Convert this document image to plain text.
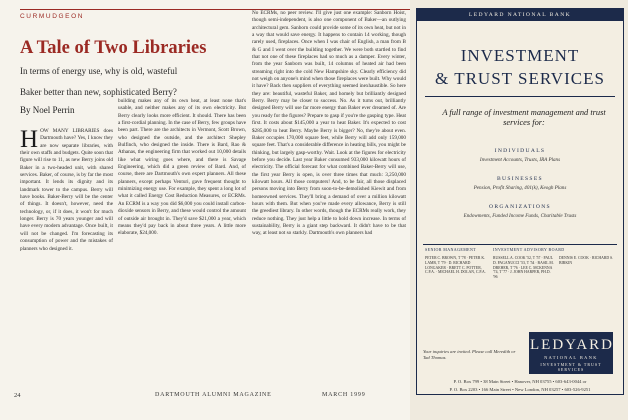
CURMUDGEON
A Tale of Two Libraries
In terms of energy use, why is old, wasteful Baker better than new, sophisticated Berry?
By Noel Perrin
H OW MANY LIBRARIES does Dartmouth have? Yes, I know they are now separate libraries, with their own staffs and budgets. Quite soon that figure will rise to 11, as new Berry joins old Baker in a two-headed unit, with shared services. Baker, of course, is by far the most important. It lends its dignity and its landmark tower to the campus. Berry will have books. Baker-Berry will be the center of things. It doesn't, however, need the technology, or, if it does, it won't for much longer. Berry is 70 years younger and will have every modern advantage. Once built, it will not be changed. I'm forecasting its consumption of power and the mistakes of planners who designed it.
building makes any of its own heat, at least none that's usable, and neither makes any of its own electricity. But Berry clearly looks more efficient. It should. There has been a first-cordial planning. In the case of Berry, few groups have been part. There are the architects in Vermont, Scott Brown, who designed the outside, and the architect Shepley Bulfinch, who designed the inside. There is Bard, Rao & Athanas, the engineering firm that worked out 10,000 details like what wiring goes where, and there is Savage Engineering, which did a green review of Bard. And, of course, there are Dartmouth's own expert planners. All these planners, except perhaps Venturi, gave frequent thought to minimizing energy use. For example, they spent a long lot of what it called Energy Cost Reduction Measures, or ECRMs. An ECRM is a way you did $6,000 you could install carbon-dioxide sensors in Berry, and these would control the amount of outside air brought in. They'd save $21,000 a year, which means they'd pay back in about three years. A little more elaborate, $24,000.
No ECRMs, no peer review. I'll give just one example: Sanborn Hoist, though semi-independent, is also one component of Baker—an outlying architectural gem. Sanborn could provide some of its own heat, but not in a way that would save energy. It happens to contain 14 working, though rarely used, fireplaces. Once when I was chair of English, a man from B & G and I went over the building together. We were both startled to find that not one of these fireplaces had so much as a damper. Every winter, from the year Sanborn was built, 14 columns of heated air had been streaming right into the cold New Hampshire sky. Clearly efficiency did not weigh on anyone's mind when those fireplaces were built. Why would it have? Back then suppliers of everything seemed inexhaustible. So here they are: beautiful, wasteful Baker, and homely but brilliantly designed Berry. Berry may be closer to success. No. As it turns out, brilliantly designed Berry will use far more energy than Baker ever dreamed of. Are you ready for the figures? Prepare to gasp if you're the gasping type. Heat first. It costs about $145,000 a year to heat Baker. It's expected to cost $285,000 to heat Berry. Maybe Berry is bigger? No, they're about even. Baker occupies 170,000 square feet, while Berry will add only 159,000 square feet. That's a considerable difference in heating bills, you might be thinking, but largely gasp-worthy. Wait. Look at the figures for electricity before you decide. Last year Baker consumed 933,000 kilowatt hours of electricity. The official forecast for what combined Baker-Berry will use, the first year Berry is open, is over three times that much: 3,250,000 kilowatt hours. All those computers! And, to be fair, all those displaced persons moving into Berry from soon-to-be-demolished Kiewit and from homeowned services. They'll bring a demand of over a million kilowatt hours with them. But when you've made every allowance, Berry is still the greediest library. In other words, though the ECRMs really work, they reduce nothing. They just help a little to hold down increase. In terms of sustainability, Berry is a giant step backward. It didn't have to be that way, at least not so starkly. Dartmouth's own planners had
24	DARTMOUTH ALUMNI MAGAZINE	MARCH 1999
LEDYARD NATIONAL BANK
INVESTMENT
& TRUST SERVICES
A full range of investment management and trust services for:
INDIVIDUALS
Investment Accounts, Trusts, IRA Plans
BUSINESSES
Pension, Profit Sharing, 401(k), Keogh Plans
ORGANIZATIONS
Endowments, Funded Income Funds, Charitable Trusts
SENIOR MANAGEMENT	INVESTMENT ADVISORY BOARD
PETER C. BROWN, T '78 · PETER K. LAMB, T '79 · D. RICHARD LONGAKER · BRETT C. POTTER, C.P.A. · MICHAEL H. DOLAN, C.P.A.
RUSSELL A. COOK '52, T '57 · PAUL D. PAGANUCCI '53, T '54 · BASIL M. DREHER, T '76 · LEE C. MCKENNA '74, T '77 · J. JOHN HARPER, PH.D. '96
DENNIS E. COOK · RICHARD S. BIRKIN
Your inquiries are invited. Please call Meredith or Tad Thomas.
LEDYARD
NATIONAL BANK
INVESTMENT & TRUST SERVICES
P. O. Box 799 • 38 Main Street • Hanover, NH 03755 • 603-643-0044 or
P. O. Box 2203 • 166 Main Street • New London, NH 03257 • 603-526-9251
